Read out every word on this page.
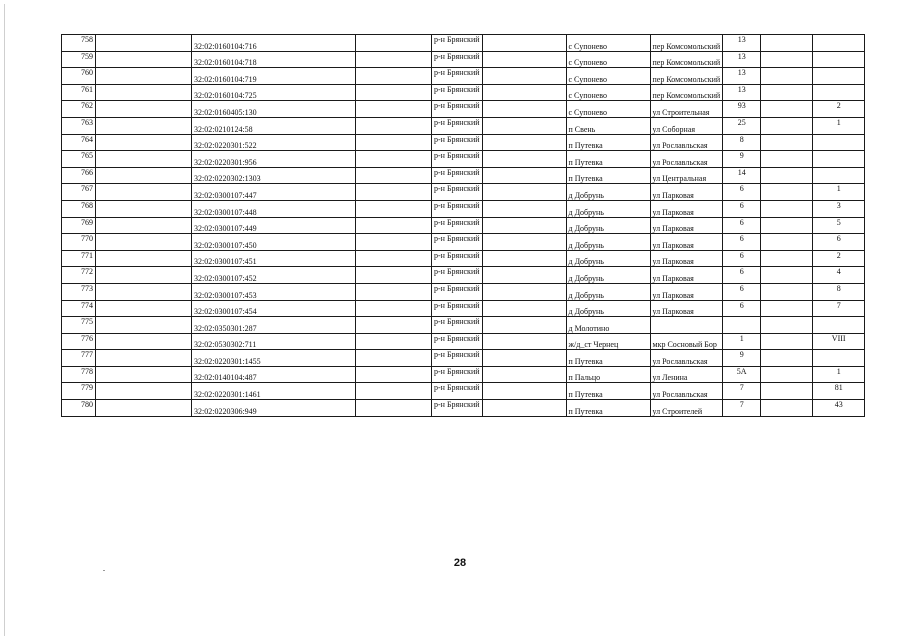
758		32:02:0160104:716		р-н Брянский		с Супонево	пер Комсомольский	13		
759		32:02:0160104:718		р-н Брянский		с Супонево	пер Комсомольский	13		
760		32:02:0160104:719		р-н Брянский		с Супонево	пер Комсомольский	13		
761		32:02:0160104:725		р-н Брянский		с Супонево	пер Комсомольский	13		
762		32:02:0160405:130		р-н Брянский		с Супонево	ул Строительная	93		2
763		32:02:0210124:58		р-н Брянский		п Свень	ул Соборная	25		1
764		32:02:0220301:522		р-н Брянский		п Путевка	ул Рославльская	8		
765		32:02:0220301:956		р-н Брянский		п Путевка	ул Рославльская	9		
766		32:02:0220302:1303		р-н Брянский		п Путевка	ул Центральная	14		
767		32:02:0300107:447		р-н Брянский		д Добрунь	ул Парковая	6		1
768		32:02:0300107:448		р-н Брянский		д Добрунь	ул Парковая	6		3
769		32:02:0300107:449		р-н Брянский		д Добрунь	ул Парковая	6		5
770		32:02:0300107:450		р-н Брянский		д Добрунь	ул Парковая	6		6
771		32:02:0300107:451		р-н Брянский		д Добрунь	ул Парковая	6		2
772		32:02:0300107:452		р-н Брянский		д Добрунь	ул Парковая	6		4
773		32:02:0300107:453		р-н Брянский		д Добрунь	ул Парковая	6		8
774		32:02:0300107:454		р-н Брянский		д Добрунь	ул Парковая	6		7
775		32:02:0350301:287		р-н Брянский		д Молотино				
776		32:02:0530302:711		р-н Брянский		ж/д_ст Чернец	мкр Сосновый Бор	1		VIII
777		32:02:0220301:1455		р-н Брянский		п Путевка	ул Рославльская	9		
778		32:02:0140104:487		р-н Брянский		п Пальцо	ул Ленина	5А		1
779		32:02:0220301:1461		р-н Брянский		п Путевка	ул Рославльская	7		81
780		32:02:0220306:949		р-н Брянский		п Путевка	ул Строителей	7		43
28
